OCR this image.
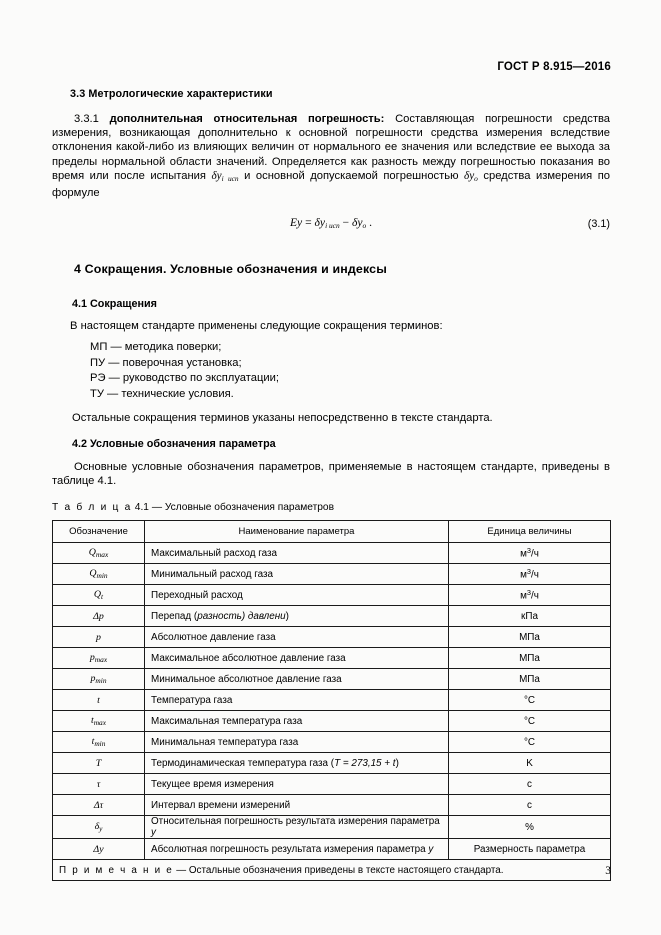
ГОСТ Р 8.915—2016
3.3 Метрологические характеристики

3.3.1 дополнительная относительная погрешность: Составляющая погрешности средства измерения, возникающая дополнительно к основной погрешности средства измерения вследствие отклонения какой-либо из влияющих величин от нормального ее значения или вследствие ее выхода за пределы нормальной области значений. Определяется как разность между погрешностью показания во время или после испытания $\delta y_{i исп}$ и основной допускаемой погрешностью $\delta y_о$ средства измерения по формуле

$Ey = \delta y_{i исп} - \delta y_о$ .	(3.1)
4 Сокращения. Условные обозначения и индексы
4.1 Сокращения

В настоящем стандарте применены следующие сокращения терминов:

МП — методика поверки;
ПУ — поверочная установка;
РЭ — руководство по эксплуатации;
ТУ — технические условия.

Остальные сокращения терминов указаны непосредственно в тексте стандарта.

4.2 Условные обозначения параметра

Основные условные обозначения параметров, применяемые в настоящем стандарте, приведены в таблице 4.1.

Т а б л и ц а 4.1 — Условные обозначения параметров
Обозначение	Наименование параметра	Единица величины
$Q_{max}$	Максимальный расход газа	$м^3/ч$
$Q_{min}$	Минимальный расход газа	$м^3/ч$
$Q_t$	Переходный расход	$м^3/ч$
Δp	Перепад (разность) давлени)	кПа
p	Абсолютное давление газа	МПа
$p_{max}$	Максимальное абсолютное давление газа	МПа
$p_{min}$	Минимальное абсолютное давление газа	МПа
t	Температура газа	°C
$t_{max}$	Максимальная температура газа	°C
$t_{min}$	Минимальная температура газа	°C
T	Термодинамическая температура газа (T = 273,15 + t)	K
τ	Текущее время измерения	с
Δτ	Интервал времени измерений	с
$\delta_y$	Относительная погрешность результата измерения параметра y	%
Δy	Абсолютная погрешность результата измерения параметра y	Размерность параметра
П р и м е ч а н и е — Остальные обозначения приведены в тексте настоящего стандарта.			3
